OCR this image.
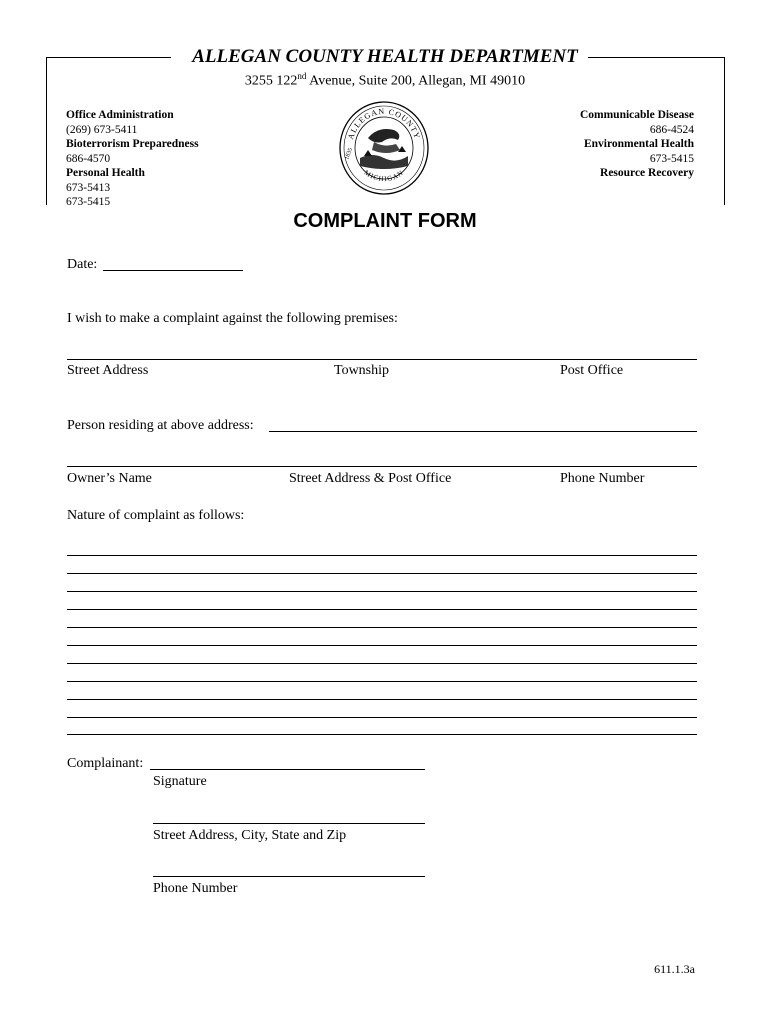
ALLEGAN COUNTY HEALTH DEPARTMENT
3255 122nd Avenue, Suite 200, Allegan, MI 49010
Office Administration
(269) 673-5411
Bioterrorism Preparedness
686-4570
Personal Health
673-5413
673-5415
Communicable Disease
686-4524
Environmental Health
673-5415
Resource Recovery
ALLEGAN COUNTY
MICHIGAN
1835
COMPLAINT FORM
Date:
I wish to make a complaint against the following premises:
Street Address	Township	Post Office
Person residing at above address:
Owner’s Name	Street Address & Post Office	Phone Number
Nature of complaint as follows:
Complainant:
Signature
Street Address, City, State and Zip
Phone Number
611.1.3a
